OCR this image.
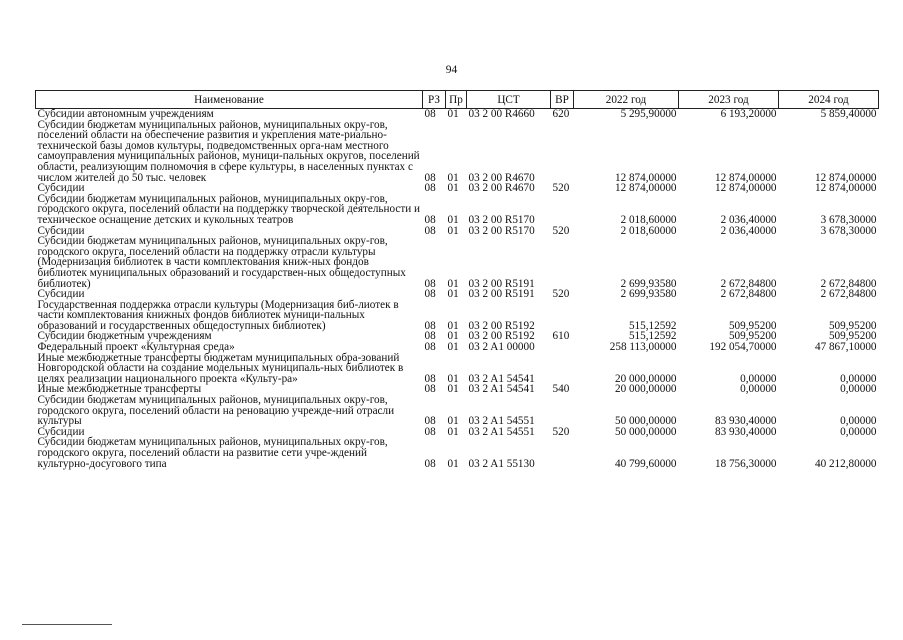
94
Наименование	РЗ	Пр	ЦСТ	ВР	2022 год	2023 год	2024 год
Субсидии автономным учреждениям	08	01	03 2 00 R4660	620	5 295,90000	6 193,20000	5 859,40000
Субсидии бюджетам муниципальных районов, муниципальных окру-гов, поселений области на обеспечение развития и укрепления мате-риально-технической базы домов культуры, подведомственных орга-нам местного самоуправления муниципальных районов, муници-пальных округов, поселений области, реализующим полномочия в сфере культуры, в населенных пунктах с числом жителей до 50 тыс. человек	08	01	03 2 00 R4670		12 874,00000	12 874,00000	12 874,00000
Субсидии	08	01	03 2 00 R4670	520	12 874,00000	12 874,00000	12 874,00000
Субсидии бюджетам муниципальных районов, муниципальных окру-гов, городского округа, поселений области на поддержку творческой деятельности и техническое оснащение детских и кукольных театров	08	01	03 2 00 R5170		2 018,60000	2 036,40000	3 678,30000
Субсидии	08	01	03 2 00 R5170	520	2 018,60000	2 036,40000	3 678,30000
Субсидии бюджетам муниципальных районов, муниципальных окру-гов, городского округа, поселений области на поддержку отрасли культуры (Модернизация библиотек в части комплектования книж-ных фондов библиотек муниципальных образований и государствен-ных общедоступных библиотек)	08	01	03 2 00 R5191		2 699,93580	2 672,84800	2 672,84800
Субсидии	08	01	03 2 00 R5191	520	2 699,93580	2 672,84800	2 672,84800
Государственная поддержка отрасли культуры (Модернизация биб-лиотек в части комплектования книжных фондов библиотек муници-пальных образований и государственных общедоступных библиотек)	08	01	03 2 00 R5192		515,12592	509,95200	509,95200
Субсидии бюджетным учреждениям	08	01	03 2 00 R5192	610	515,12592	509,95200	509,95200
Федеральный проект «Культурная среда»	08	01	03 2 A1 00000		258 113,00000	192 054,70000	47 867,10000
Иные межбюджетные трансферты бюджетам муниципальных обра-зований Новгородской области на создание модельных муниципаль-ных библиотек в целях реализации национального проекта «Культу-ра»	08	01	03 2 A1 54541		20 000,00000	0,00000	0,00000
Иные межбюджетные трансферты	08	01	03 2 A1 54541	540	20 000,00000	0,00000	0,00000
Субсидии бюджетам муниципальных районов, муниципальных окру-гов, городского округа, поселений области на реновацию учрежде-ний отрасли культуры	08	01	03 2 A1 54551		50 000,00000	83 930,40000	0,00000
Субсидии	08	01	03 2 A1 54551	520	50 000,00000	83 930,40000	0,00000
Субсидии бюджетам муниципальных районов, муниципальных окру-гов, городского округа, поселений области на развитие сети учре-ждений культурно-досугового типа	08	01	03 2 A1 55130		40 799,60000	18 756,30000	40 212,80000
